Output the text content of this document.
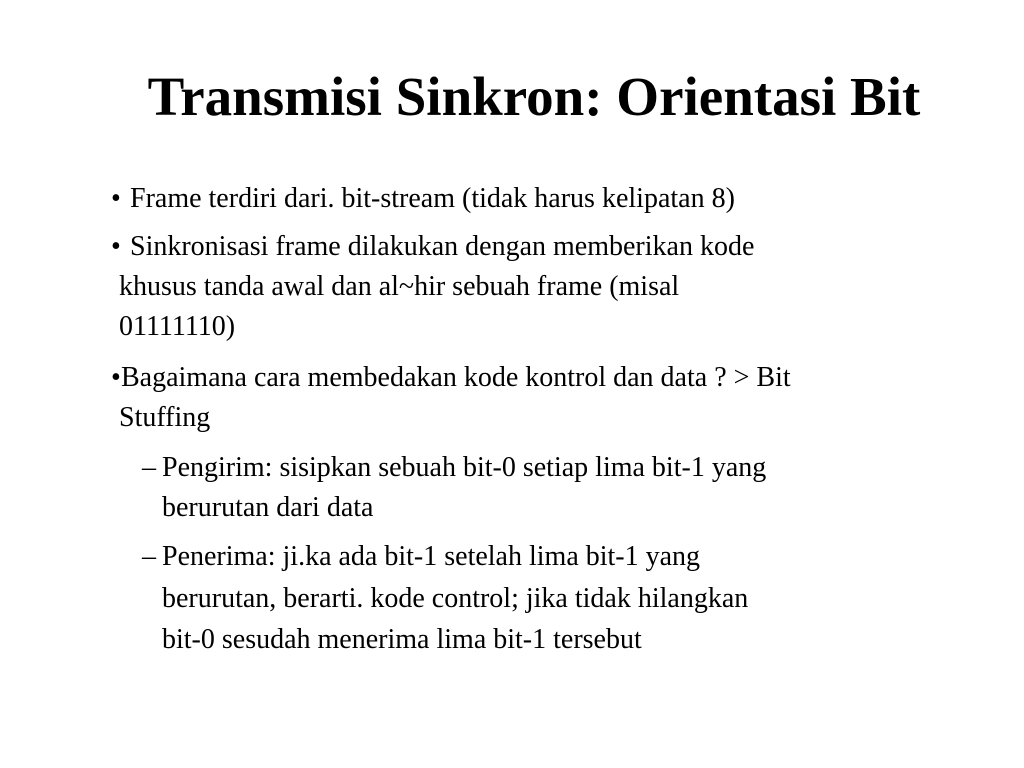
Transmisi Sinkron: Orientasi Bit
• Frame terdiri dari. bit-stream (tidak harus kelipatan 8)
• Sinkronisasi frame dilakukan dengan memberikan kode
khusus tanda awal dan al~hir sebuah frame (misal
01111110)
• Bagaimana cara membedakan kode kontrol dan data ? > Bit
Stuffing
– Pengirim: sisipkan sebuah bit-0 setiap lima bit-1 yang
berurutan dari data
– Penerima: ji.ka ada bit-1 setelah lima bit-1 yang
berurutan, berarti. kode control; jika tidak hilangkan
bit-0 sesudah menerima lima bit-1 tersebut
